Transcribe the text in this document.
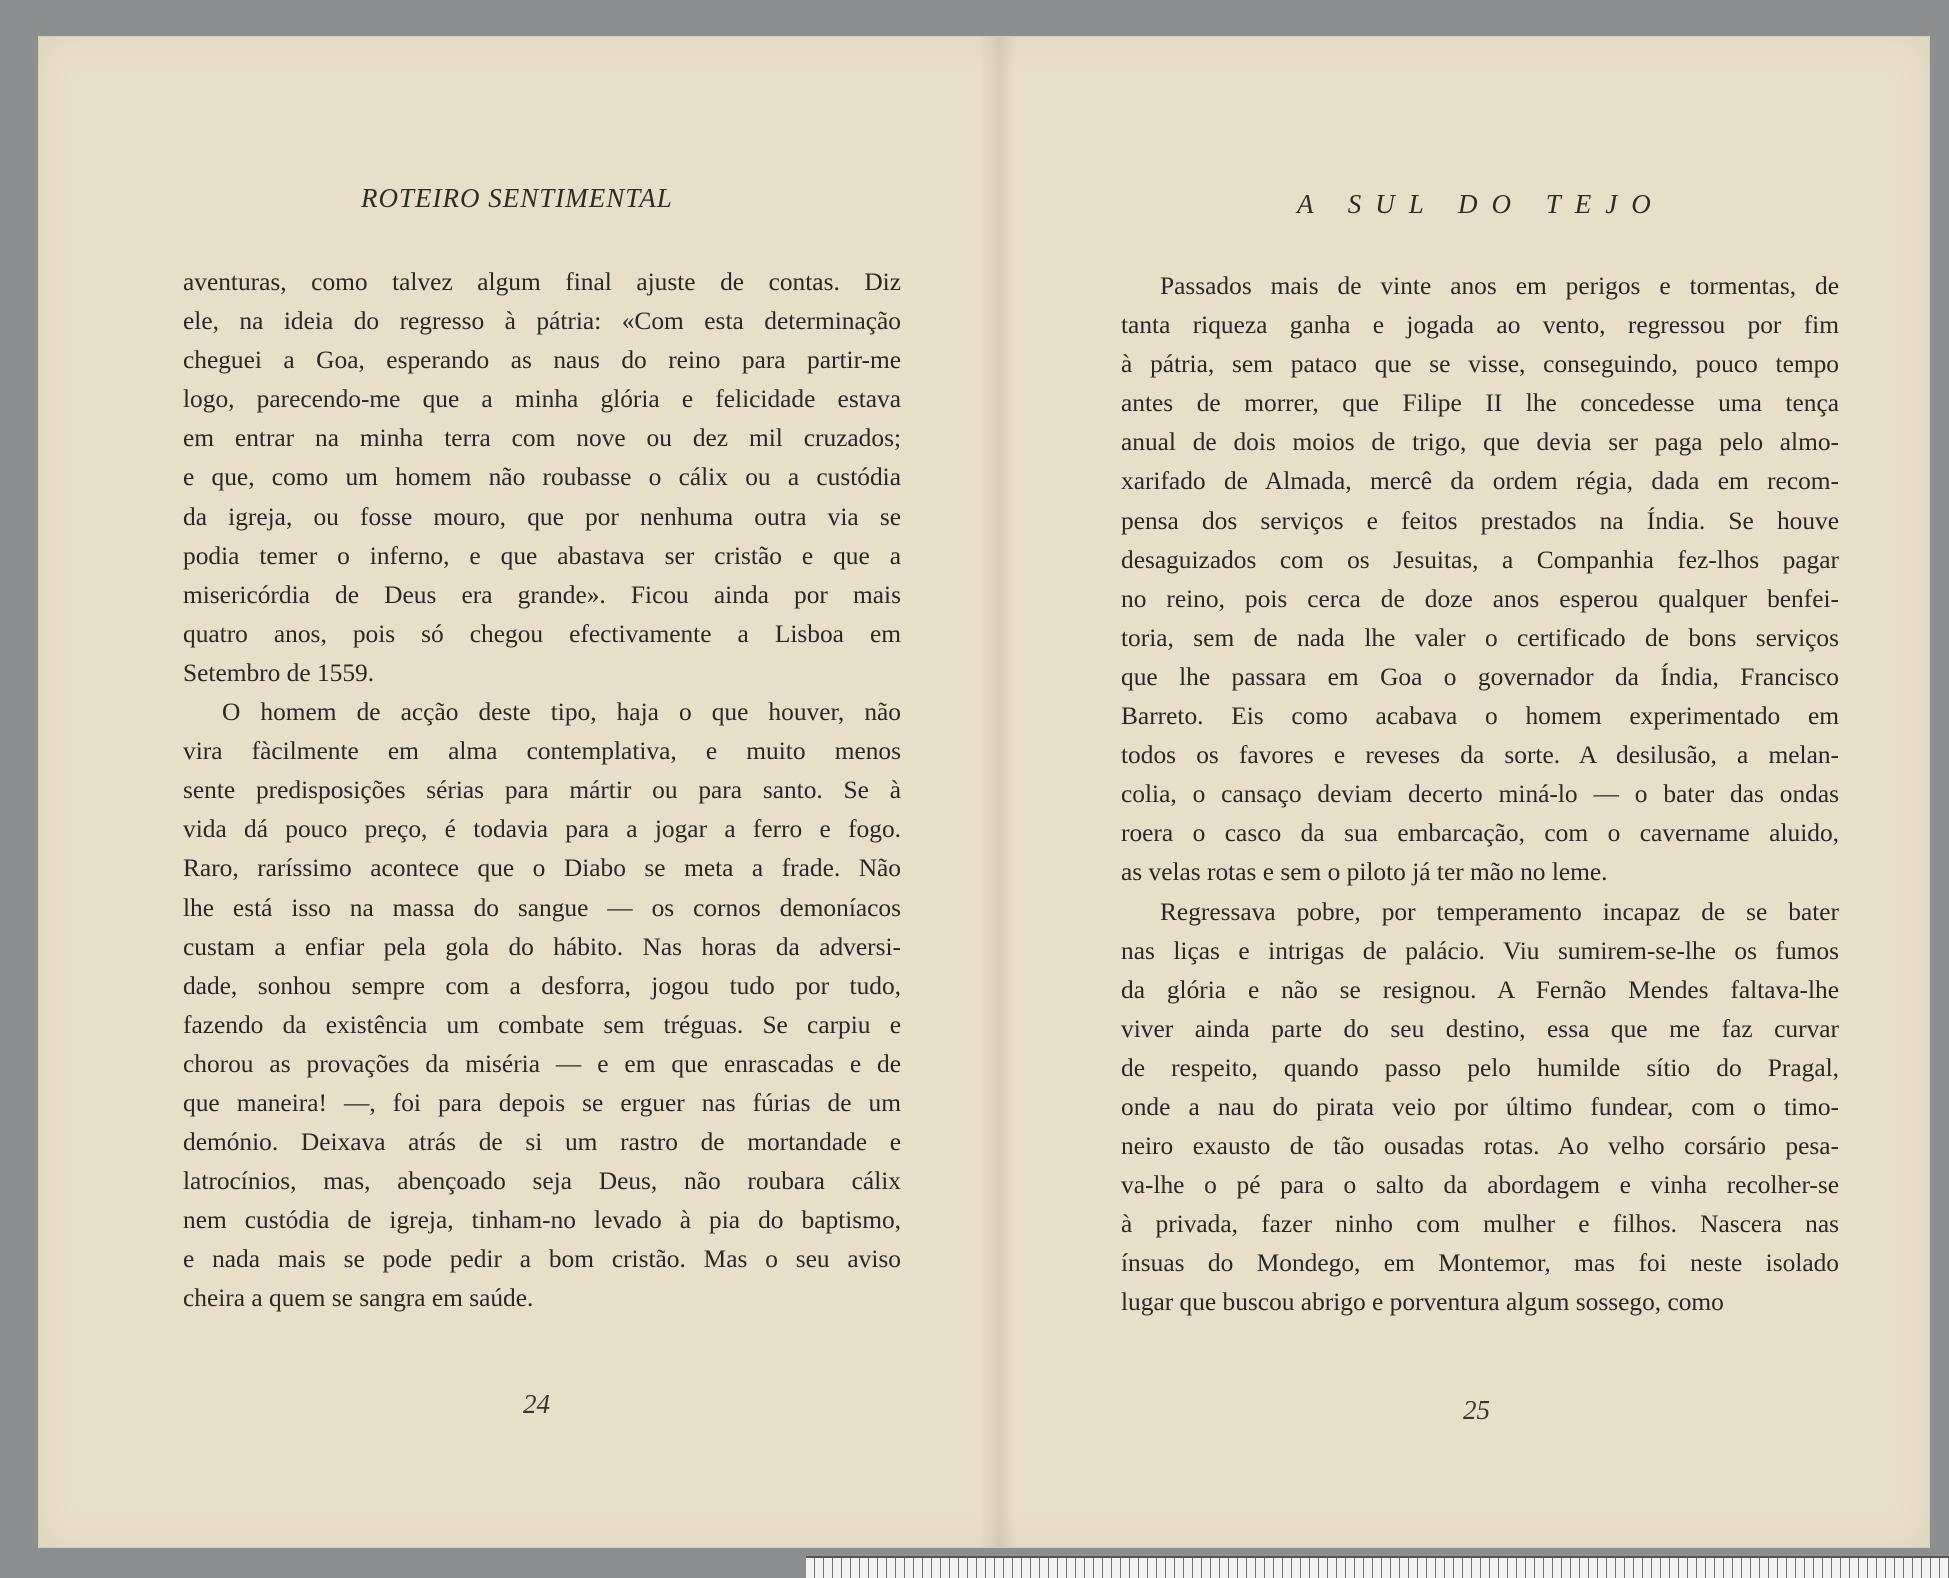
ROTEIRO SENTIMENTAL

aventuras, como talvez algum final ajuste de contas. Diz
ele, na ideia do regresso à pátria: «Com esta determinação
cheguei a Goa, esperando as naus do reino para partir-me
logo, parecendo-me que a minha glória e felicidade estava
em entrar na minha terra com nove ou dez mil cruzados;
e que, como um homem não roubasse o cálix ou a custódia
da igreja, ou fosse mouro, que por nenhuma outra via se
podia temer o inferno, e que abastava ser cristão e que a
misericórdia de Deus era grande». Ficou ainda por mais
quatro anos, pois só chegou efectivamente a Lisboa em
Setembro de 1559.

O homem de acção deste tipo, haja o que houver, não
vira fàcilmente em alma contemplativa, e muito menos
sente predisposições sérias para mártir ou para santo. Se à
vida dá pouco preço, é todavia para a jogar a ferro e fogo.
Raro, raríssimo acontece que o Diabo se meta a frade. Não
lhe está isso na massa do sangue — os cornos demoníacos
custam a enfiar pela gola do hábito. Nas horas da adversi-
dade, sonhou sempre com a desforra, jogou tudo por tudo,
fazendo da existência um combate sem tréguas. Se carpiu e
chorou as provações da miséria — e em que enrascadas e de
que maneira! —, foi para depois se erguer nas fúrias de um
demónio. Deixava atrás de si um rastro de mortandade e
latrocínios, mas, abençoado seja Deus, não roubara cálix
nem custódia de igreja, tinham-no levado à pia do baptismo,
e nada mais se pode pedir a bom cristão. Mas o seu aviso
cheira a quem se sangra em saúde.

24
A SUL DO TEJO

Passados mais de vinte anos em perigos e tormentas, de
tanta riqueza ganha e jogada ao vento, regressou por fim
à pátria, sem pataco que se visse, conseguindo, pouco tempo
antes de morrer, que Filipe II lhe concedesse uma tença
anual de dois moios de trigo, que devia ser paga pelo almo-
xarifado de Almada, mercê da ordem régia, dada em recom-
pensa dos serviços e feitos prestados na Índia. Se houve
desaguizados com os Jesuitas, a Companhia fez-lhos pagar
no reino, pois cerca de doze anos esperou qualquer benfei-
toria, sem de nada lhe valer o certificado de bons serviços
que lhe passara em Goa o governador da Índia, Francisco
Barreto. Eis como acabava o homem experimentado em
todos os favores e reveses da sorte. A desilusão, a melan-
colia, o cansaço deviam decerto miná-lo — o bater das ondas
roera o casco da sua embarcação, com o cavername aluido,
as velas rotas e sem o piloto já ter mão no leme.

Regressava pobre, por temperamento incapaz de se bater
nas liças e intrigas de palácio. Viu sumirem-se-lhe os fumos
da glória e não se resignou. A Fernão Mendes faltava-lhe
viver ainda parte do seu destino, essa que me faz curvar
de respeito, quando passo pelo humilde sítio do Pragal,
onde a nau do pirata veio por último fundear, com o timo-
neiro exausto de tão ousadas rotas. Ao velho corsário pesa-
va-lhe o pé para o salto da abordagem e vinha recolher-se
à privada, fazer ninho com mulher e filhos. Nascera nas
ínsuas do Mondego, em Montemor, mas foi neste isolado
lugar que buscou abrigo e porventura algum sossego, como

25
